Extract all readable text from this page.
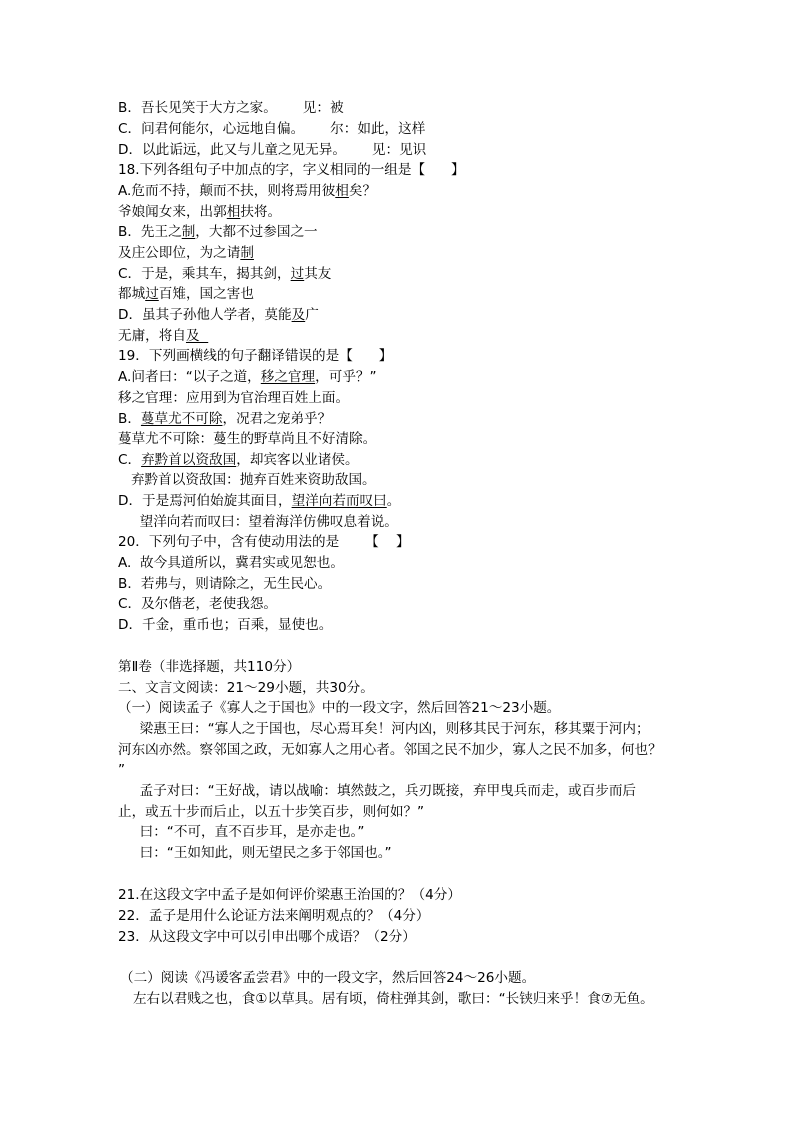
B．吾长见笑于大方之家。      见：被

C．问君何能尔，心远地自偏。      尔：如此，这样

D．以此诟远，此又与儿童之见无异。      见：见识

18.下列各组句子中加点的字，字义相同的一组是【      】

A.危而不持，颠而不扶，则将焉用彼相矣？

爷娘闻女来，出郭相扶将。

B．先王之制，大都不过参国之一

及庄公即位，为之请制

C．于是，乘其车，揭其剑，过其友

都城过百雉，国之害也

D．虽其子孙他人学者，莫能及广

无庸，将自及

19．下列画横线的句子翻译错误的是【      】

A.问者曰：“以子之道，移之官理，可乎？”

移之官理：应用到为官治理百姓上面。

B．蔓草尤不可除，况君之宠弟乎？

蔓草尤不可除：蔓生的野草尚且不好清除。

C．弃黔首以资敌国，却宾客以业诸侯。

弃黔首以资敌国：抛弃百姓来资助敌国。

D．于是焉河伯始旋其面目，望洋向若而叹曰。

望洋向若而叹曰：望着海洋仿佛叹息着说。

20．下列句子中，含有使动用法的是      【    】

A.  故今具道所以，冀君实或见恕也。

B．若弗与，则请除之，无生民心。

C．及尔偕老，老使我怨。

D．千金，重币也；百乘，显使也。

第Ⅱ卷（非选择题，共110分）

二、文言文阅读：21～29小题，共30分。

（一）阅读孟子《寡人之于国也》中的一段文字，然后回答21～23小题。

梁惠王曰：“寡人之于国也，尽心焉耳矣！河内凶，则移其民于河东，移其粟于河内；

河东凶亦然。察邻国之政，无如寡人之用心者。邻国之民不加少，寡人之民不加多，何也？

”

孟子对曰：“王好战，请以战喻：填然鼓之，兵刃既接，弃甲曳兵而走，或百步而后

止，或五十步而后止，以五十步笑百步，则何如？”

曰：“不可，直不百步耳，是亦走也。”

曰：“王如知此，则无望民之多于邻国也。”

21.在这段文字中孟子是如何评价梁惠王治国的？（4分）

22．孟子是用什么论证方法来阐明观点的？（4分）

23．从这段文字中可以引申出哪个成语？（2分）

（二）阅读《冯谖客孟尝君》中的一段文字，然后回答24～26小题。

左右以君贱之也，食①以草具。居有顷，倚柱弹其剑，歌曰：“长铗归来乎！食⑦无鱼。
